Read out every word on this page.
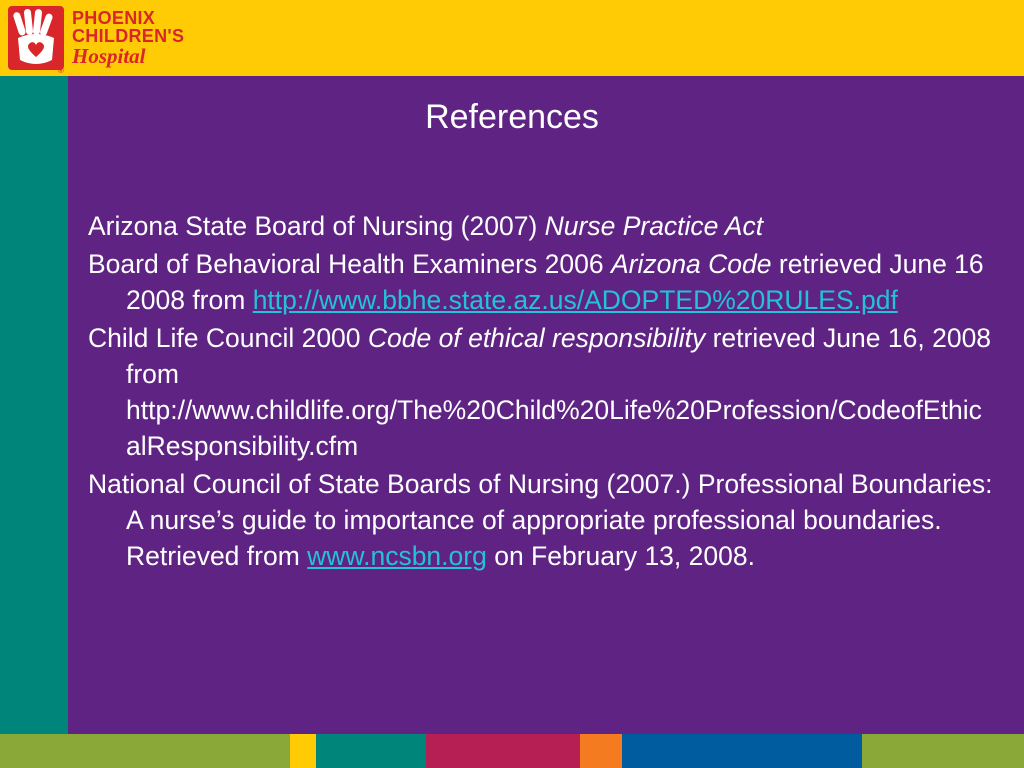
PHOENIX
CHILDREN'S
Hospital
®
References
Arizona State Board of Nursing (2007) Nurse Practice Act
Board of Behavioral Health Examiners 2006 Arizona Code retrieved June 16 2008 from http://www.bbhe.state.az.us/ADOPTED%20RULES.pdf
Child Life Council 2000 Code of ethical responsibility retrieved June 16, 2008 from http://www.childlife.org/The%20Child%20Life%20Profession/CodeofEthicalResponsibility.cfm
National Council of State Boards of Nursing (2007.) Professional Boundaries: A nurse’s guide to importance of appropriate professional boundaries. Retrieved from www.ncsbn.org on February 13, 2008.
